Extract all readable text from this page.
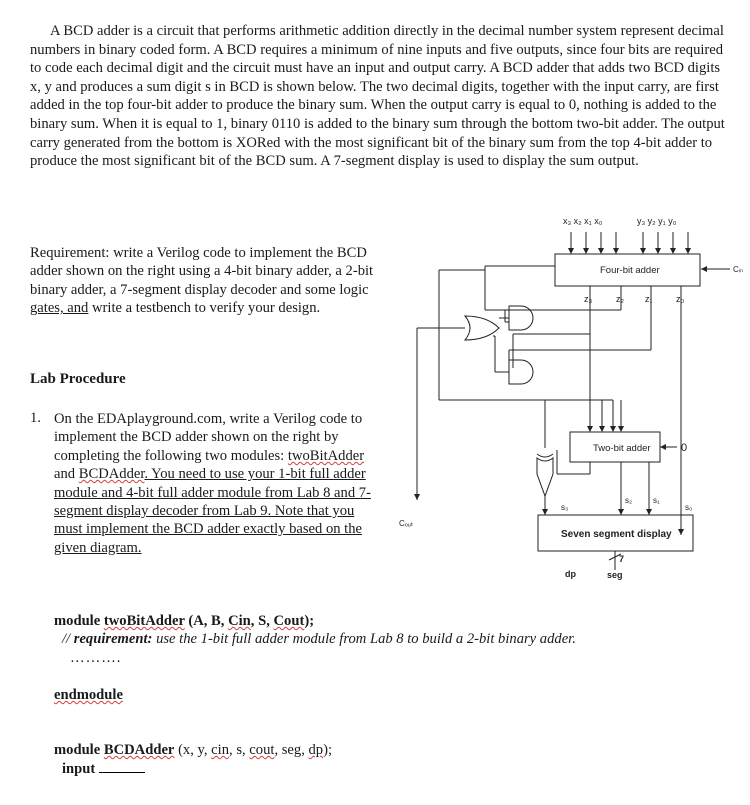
A BCD adder is a circuit that performs arithmetic addition directly in the decimal number system represent decimal numbers in binary coded form. A BCD requires a minimum of nine inputs and five outputs, since four bits are required to code each decimal digit and the circuit must have an input and output carry. A BCD adder that adds two BCD digits x, y and produces a sum digit s in BCD is shown below. The two decimal digits, together with the input carry, are first added in the top four-bit adder to produce the binary sum. When the output carry is equal to 0, nothing is added to the binary sum. When it is equal to 1, binary 0110 is added to the binary sum through the bottom two-bit adder. The output carry generated from the bottom is XORed with the most significant bit of the binary sum from the top 4-bit adder to produce the most significant bit of the BCD sum. A 7-segment display is used to display the sum output.

Requirement: write a Verilog code to implement the BCD adder shown on the right using a 4-bit binary adder, a 2-bit binary adder, a 7-segment display decoder and some logic gates, and write a testbench to verify your design.

Lab Procedure

1. On the EDAplayground.com, write a Verilog code to implement the BCD adder shown on the right by completing the following two modules: twoBitAdder and BCDAdder. You need to use your 1-bit full adder module and 4-bit full adder module from Lab 8 and 7-segment display decoder from Lab 9. Note that you must implement the BCD adder exactly based on the given diagram.

module twoBitAdder (A, B, Cin, S, Cout);
// requirement: use the 1-bit full adder module from Lab 8 to build a 2-bit binary adder.
……….
endmodule
module BCDAdder (x, y, cin, s, cout, seg, dp);
input
x₃ x₂ x₁ x₀	y₃ y₂ y₁ y₀
Four-bit adder	Cᵢₙ
z₃	z₂ z₁	z₀
Two-bit adder	0
Cₒᵤₜ
s₃
s₂	s₁
s₀
Seven segment display
7
dp	seg
